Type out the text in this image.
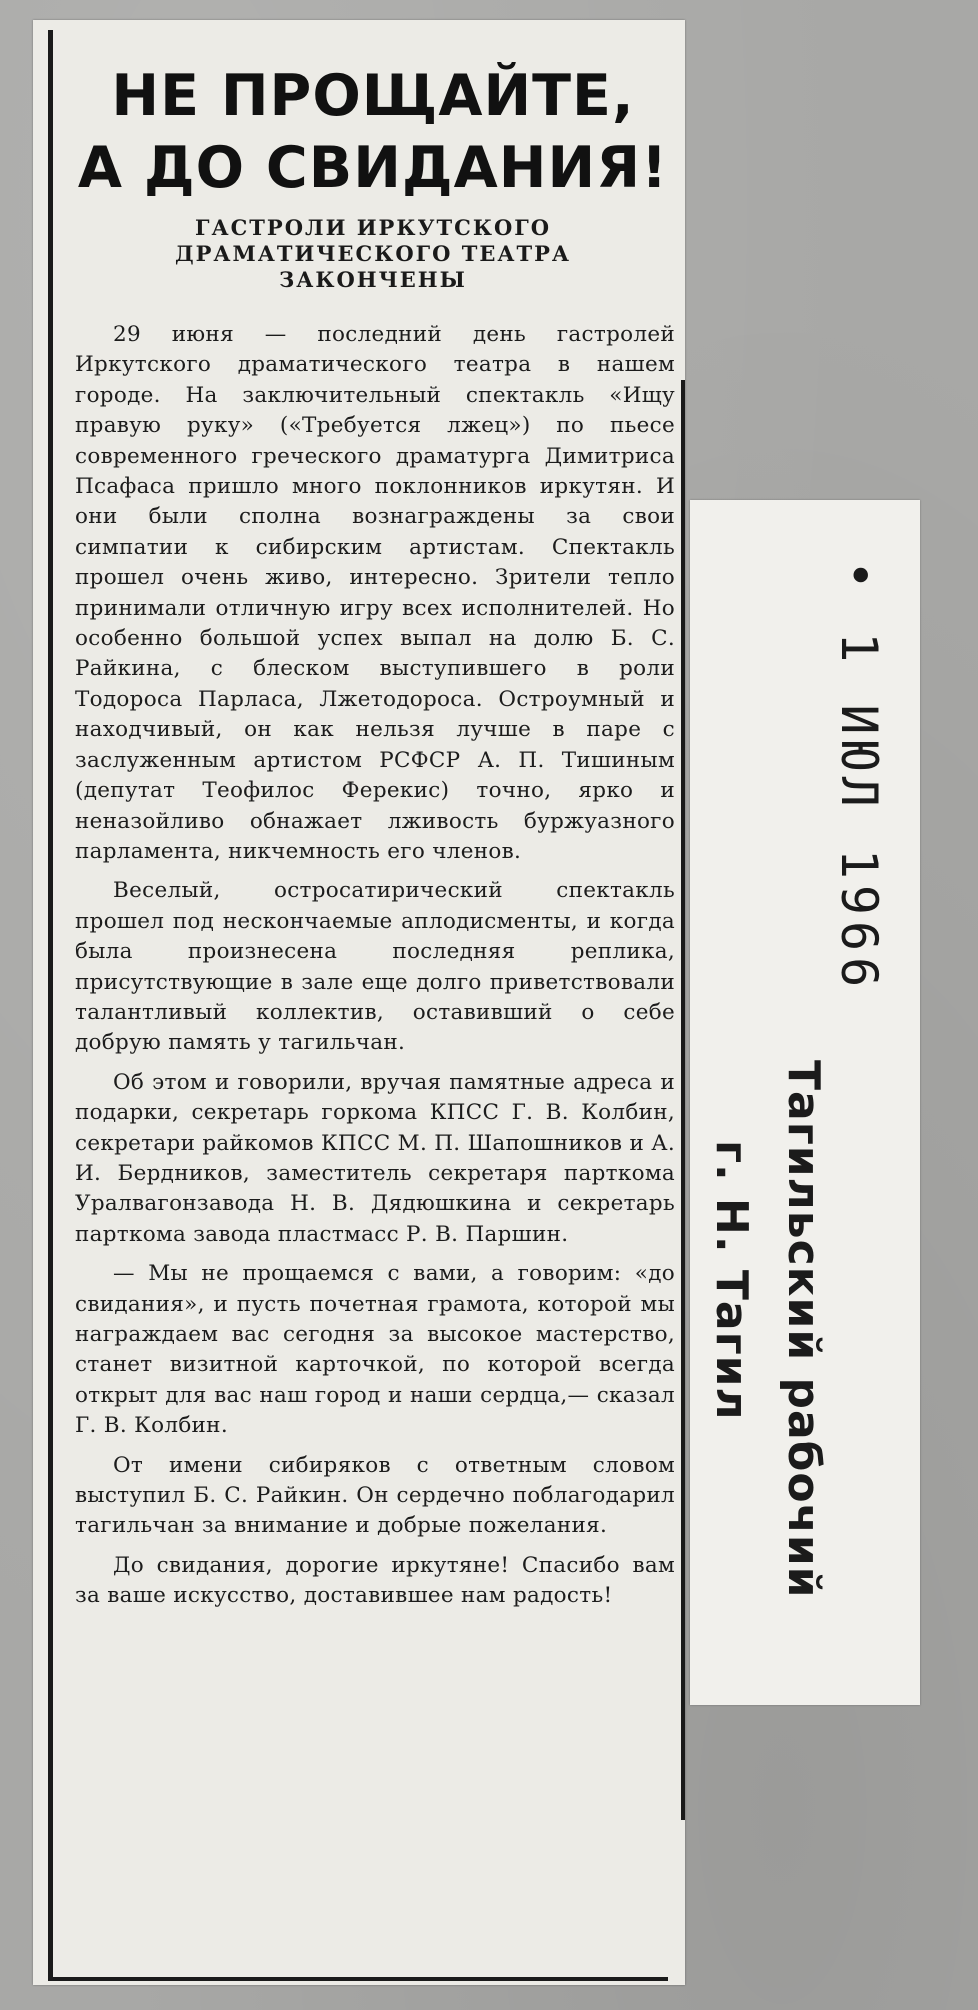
НЕ ПРОЩАЙТЕ,
А ДО СВИДАНИЯ!
ГАСТРОЛИ ИРКУТСКОГО
ДРАМАТИЧЕСКОГО ТЕАТРА
ЗАКОНЧЕНЫ

29 июня — последний день гастролей Иркутского драматического театра в нашем городе. На заключительный спектакль «Ищу правую руку» («Требуется лжец») по пьесе современного греческого драматурга Димитриса Псафаса пришло много поклонников иркутян. И они были сполна вознаграждены за свои симпатии к сибирским артистам. Спектакль прошел очень живо, интересно. Зрители тепло принимали отличную игру всех исполнителей. Но особенно большой успех выпал на долю Б. С. Райкина, с блеском выступившего в роли Тодороса Парласа, Лжетодороса. Остроумный и находчивый, он как нельзя лучше в паре с заслуженным артистом РСФСР А. П. Тишиным (депутат Теофилос Ферекис) точно, ярко и неназойливо обнажает лживость буржуазного парламента, никчемность его членов.

Веселый, остросатирический спектакль прошел под нескончаемые аплодисменты, и когда была произнесена последняя реплика, присутствующие в зале еще долго приветствовали талантливый коллектив, оставивший о себе добрую память у тагильчан.

Об этом и говорили, вручая памятные адреса и подарки, секретарь горкома КПСС Г. В. Колбин, секретари райкомов КПСС М. П. Шапошников и А. И. Бердников, заместитель секретаря парткома Уралвагонзавода Н. В. Дядюшкина и секретарь парткома завода пластмасс Р. В. Паршин.

— Мы не прощаемся с вами, а говорим: «до свидания», и пусть почетная грамота, которой мы награждаем вас сегодня за высокое мастерство, станет визитной карточкой, по которой всегда открыт для вас наш город и наши сердца,— сказал Г. В. Колбин.

От имени сибиряков с ответным словом выступил Б. С. Райкин. Он сердечно поблагодарил тагильчан за внимание и добрые пожелания.

До свидания, дорогие иркутяне! Спасибо вам за ваше искусство, доставившее нам радость!

• 1 ИЮЛ 1966
Тагильский рабочий
г. Н. Тагил
